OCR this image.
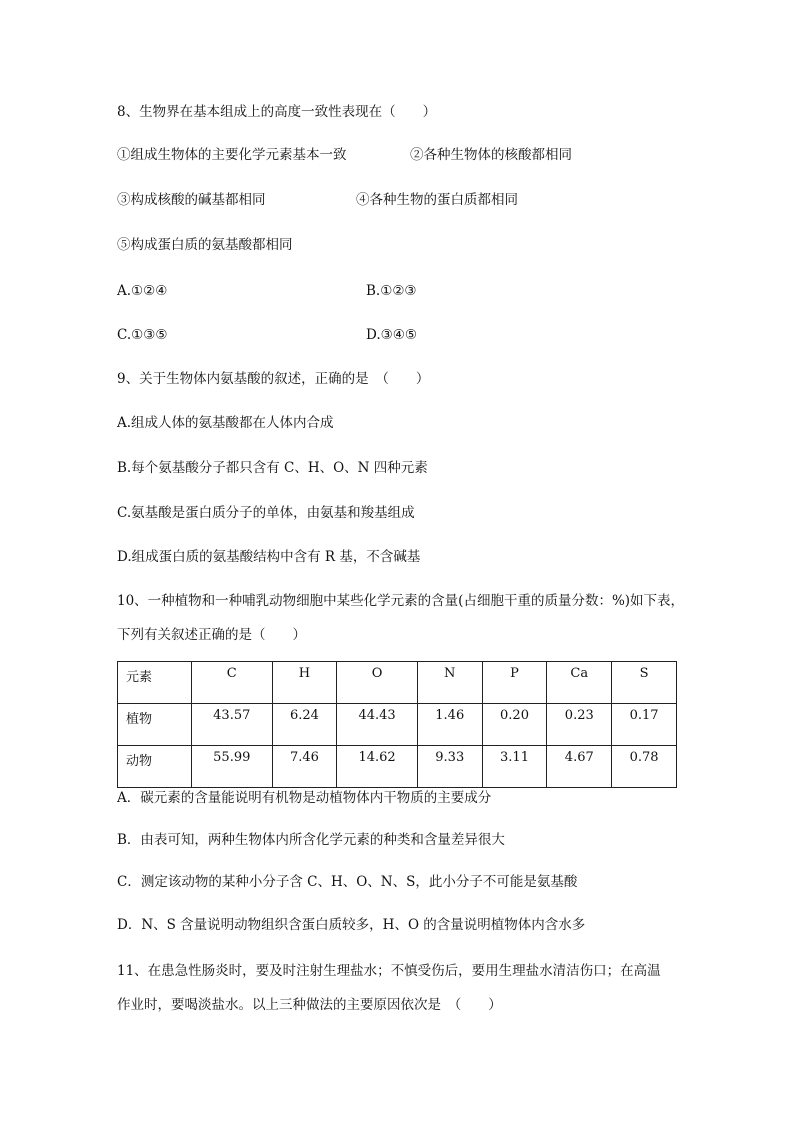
8、生物界在基本组成上的高度一致性表现在（　　）
①组成生物体的主要化学元素基本一致	②各种生物体的核酸都相同
③构成核酸的碱基都相同	④各种生物的蛋白质都相同
⑤构成蛋白质的氨基酸都相同
A.①②④	B.①②③
C.①③⑤	D.③④⑤
9、关于生物体内氨基酸的叙述，正确的是　（　　）
A.组成人体的氨基酸都在人体内合成
B.每个氨基酸分子都只含有 C、H、O、N 四种元素
C.氨基酸是蛋白质分子的单体，由氨基和羧基组成
D.组成蛋白质的氨基酸结构中含有 R 基，不含碱基
10、一种植物和一种哺乳动物细胞中某些化学元素的含量(占细胞干重的质量分数：%)如下表，
下列有关叙述正确的是（　　）
元素	C	H	O	N	P	Ca	S
植物	43.57	6.24	44.43	1.46	0.20	0.23	0.17
动物	55.99	7.46	14.62	9.33	3.11	4.67	0.78
A．碳元素的含量能说明有机物是动植物体内干物质的主要成分
B．由表可知，两种生物体内所含化学元素的种类和含量差异很大
C．测定该动物的某种小分子含 C、H、O、N、S，此小分子不可能是氨基酸
D．N、S 含量说明动物组织含蛋白质较多，H、O 的含量说明植物体内含水多
11、在患急性肠炎时，要及时注射生理盐水；不慎受伤后，要用生理盐水清洁伤口；在高温
作业时，要喝淡盐水。以上三种做法的主要原因依次是　（　　）
